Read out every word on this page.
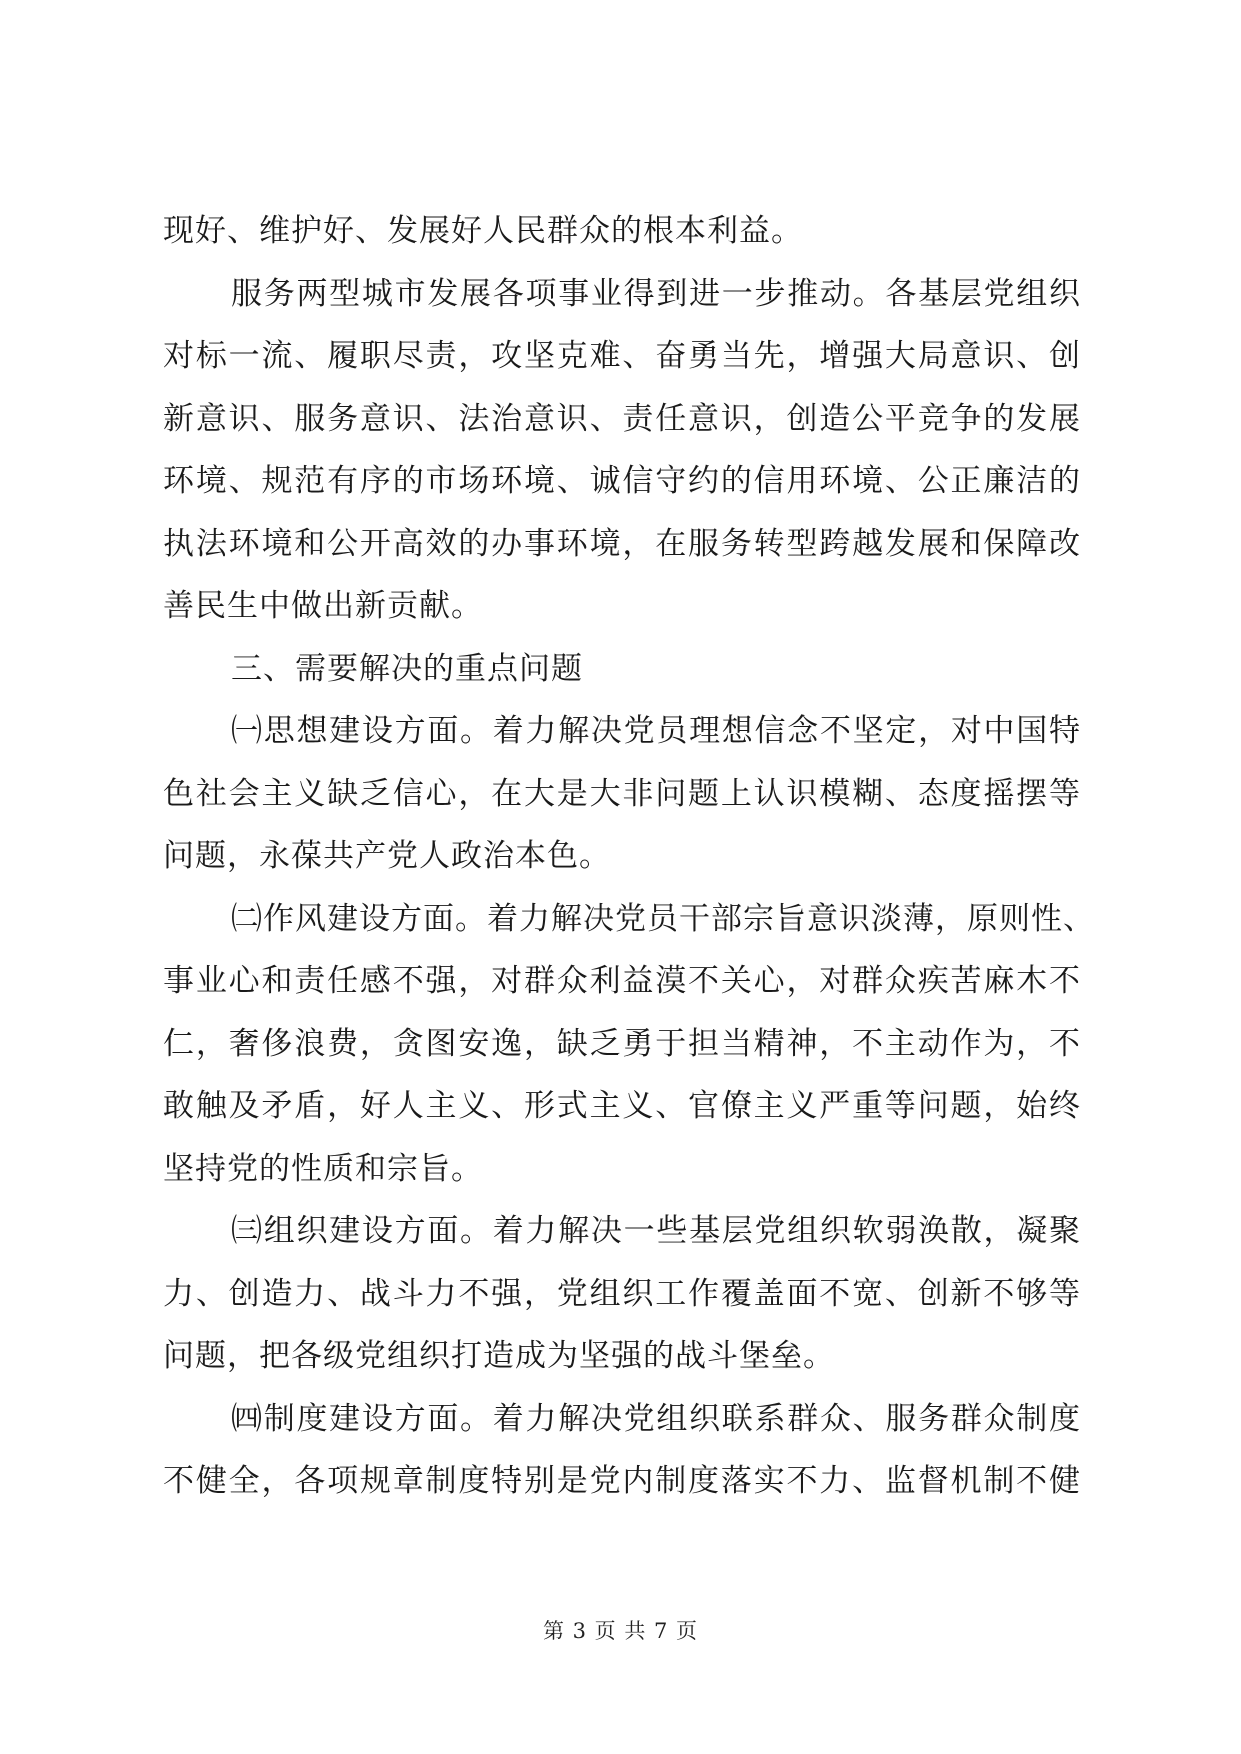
现好、维护好、发展好人民群众的根本利益。
服务两型城市发展各项事业得到进一步推动。各基层党组织
对标一流、履职尽责，攻坚克难、奋勇当先，增强大局意识、创
新意识、服务意识、法治意识、责任意识，创造公平竞争的发展
环境、规范有序的市场环境、诚信守约的信用环境、公正廉洁的
执法环境和公开高效的办事环境，在服务转型跨越发展和保障改
善民生中做出新贡献。
三、需要解决的重点问题
㈠思想建设方面。着力解决党员理想信念不坚定，对中国特
色社会主义缺乏信心，在大是大非问题上认识模糊、态度摇摆等
问题，永葆共产党人政治本色。
㈡作风建设方面。着力解决党员干部宗旨意识淡薄，原则性、
事业心和责任感不强，对群众利益漠不关心，对群众疾苦麻木不
仁，奢侈浪费，贪图安逸，缺乏勇于担当精神，不主动作为，不
敢触及矛盾，好人主义、形式主义、官僚主义严重等问题，始终
坚持党的性质和宗旨。
㈢组织建设方面。着力解决一些基层党组织软弱涣散，凝聚
力、创造力、战斗力不强，党组织工作覆盖面不宽、创新不够等
问题，把各级党组织打造成为坚强的战斗堡垒。
㈣制度建设方面。着力解决党组织联系群众、服务群众制度
不健全，各项规章制度特别是党内制度落实不力、监督机制不健
第 3 页 共 7 页
